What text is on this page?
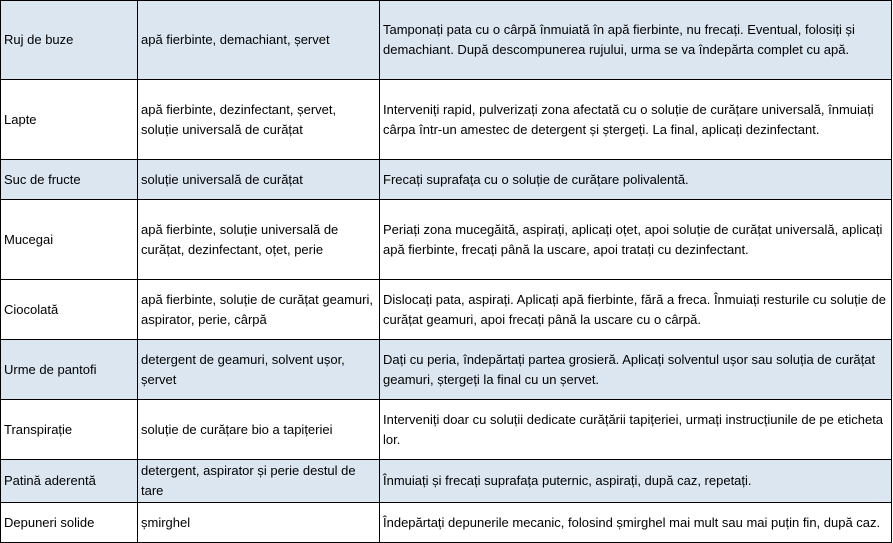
Ruj de buze	apă fierbinte, demachiant, șervet	Tamponați pata cu o cârpă înmuiată în apă fierbinte, nu frecați. Eventual, folosiți și demachiant. După descompunerea rujului, urma se va îndepărta complet cu apă.
Lapte	apă fierbinte, dezinfectant, șervet, soluție universală de curățat	Interveniți rapid, pulverizați zona afectată cu o soluție de curățare universală, înmuiați cârpa într-un amestec de detergent și ștergeți. La final, aplicați dezinfectant.
Suc de fructe	soluție universală de curățat	Frecați suprafața cu o soluție de curățare polivalentă.
Mucegai	apă fierbinte, soluție universală de curățat, dezinfectant, oțet, perie	Periați zona mucegăită, aspirați, aplicați oțet, apoi soluție de curățat universală, aplicați apă fierbinte, frecați până la uscare, apoi tratați cu dezinfectant.
Ciocolată	apă fierbinte, soluție de curățat geamuri, aspirator, perie, cârpă	Dislocați pata, aspirați. Aplicați apă fierbinte, fără a freca. Înmuiați resturile cu soluție de curățat geamuri, apoi frecați până la uscare cu o cârpă.
Urme de pantofi	detergent de geamuri, solvent ușor, șervet	Dați cu peria, îndepărtați partea grosieră. Aplicați solventul ușor sau soluția de curățat geamuri, ștergeți la final cu un șervet.
Transpirație	soluție de curățare bio a tapițeriei	Interveniți doar cu soluții dedicate curățării tapițeriei, urmați instrucțiunile de pe eticheta lor.
Patină aderentă	detergent, aspirator și perie destul de tare	Înmuiați și frecați suprafața puternic, aspirați, după caz, repetați.
Depuneri solide	șmirghel	Îndepărtați depunerile mecanic, folosind șmirghel mai mult sau mai puțin fin, după caz.
